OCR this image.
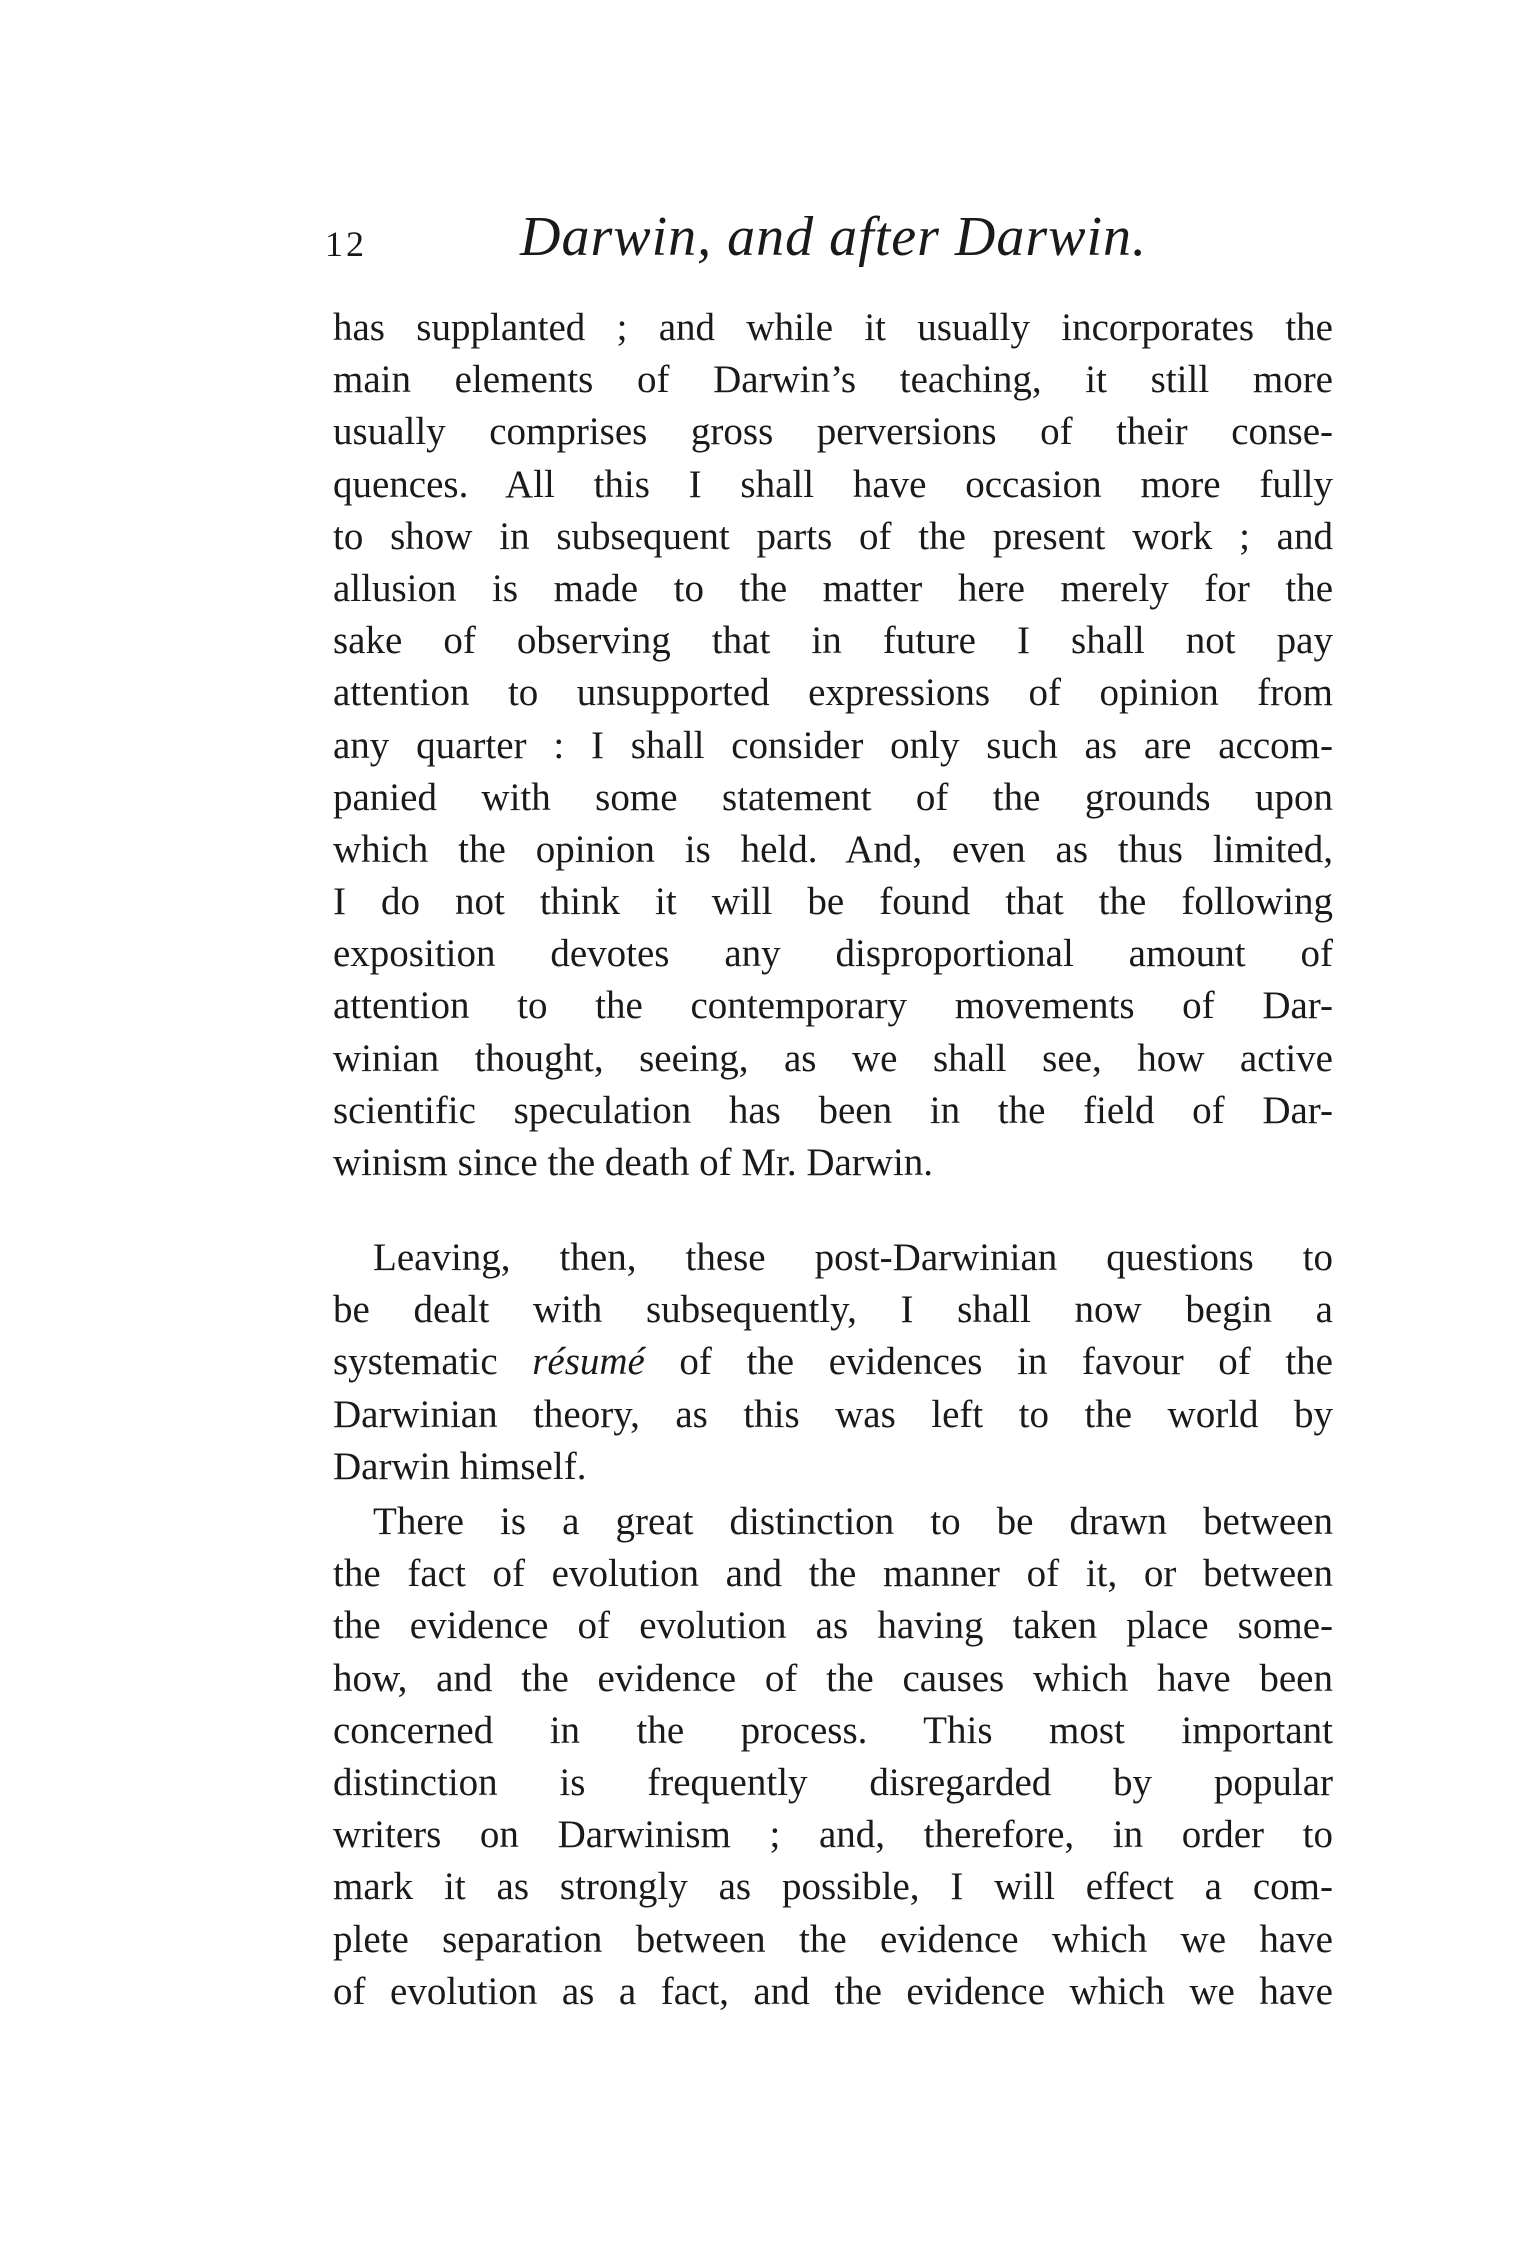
12	Darwin, and after Darwin.
has supplanted ; and while it usually incorporates the
main elements of Darwin’s teaching, it still more
usually comprises gross perversions of their conse-
quences. All this I shall have occasion more fully
to show in subsequent parts of the present work ; and
allusion is made to the matter here merely for the
sake of observing that in future I shall not pay
attention to unsupported expressions of opinion from
any quarter : I shall consider only such as are accom-
panied with some statement of the grounds upon
which the opinion is held. And, even as thus limited,
I do not think it will be found that the following
exposition devotes any disproportional amount of
attention to the contemporary movements of Dar-
winian thought, seeing, as we shall see, how active
scientific speculation has been in the field of Dar-
winism since the death of Mr. Darwin.
Leaving, then, these post-Darwinian questions to
be dealt with subsequently, I shall now begin a
systematic résumé of the evidences in favour of the
Darwinian theory, as this was left to the world by
Darwin himself.
There is a great distinction to be drawn between
the fact of evolution and the manner of it, or between
the evidence of evolution as having taken place some-
how, and the evidence of the causes which have been
concerned in the process. This most important
distinction is frequently disregarded by popular
writers on Darwinism ; and, therefore, in order to
mark it as strongly as possible, I will effect a com-
plete separation between the evidence which we have
of evolution as a fact, and the evidence which we have
